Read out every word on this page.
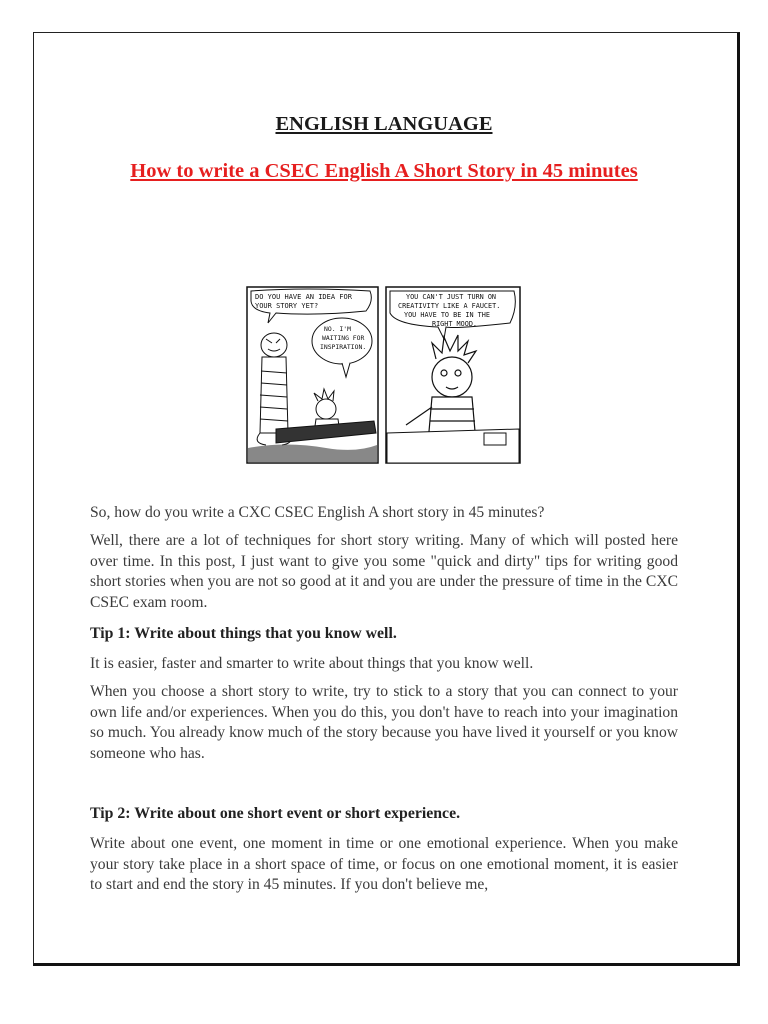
ENGLISH LANGUAGE
How to write a CSEC English A Short Story in 45 minutes
DO YOU HAVE AN IDEA FOR YOUR STORY YET?
NO. I'M WAITING FOR INSPIRATION.
YOU CAN'T JUST TURN ON CREATIVITY LIKE A FAUCET. YOU HAVE TO BE IN THE RIGHT MOOD.

So, how do you write a CXC CSEC English A short story in 45 minutes?

Well, there are a lot of techniques for short story writing. Many of which will posted here over time. In this post, I just want to give you some "quick and dirty" tips for writing good short stories when you are not so good at it and you are under the pressure of time in the CXC CSEC exam room.

Tip 1: Write about things that you know well.

It is easier, faster and smarter to write about things that you know well.

When you choose a short story to write, try to stick to a story that you can connect to your own life and/or experiences. When you do this, you don't have to reach into your imagination so much. You already know much of the story because you have lived it yourself or you know someone who has.

Tip 2: Write about one short event or short experience.

Write about one event, one moment in time or one emotional experience. When you make your story take place in a short space of time, or focus on one emotional moment, it is easier to start and end the story in 45 minutes. If you don't believe me,
